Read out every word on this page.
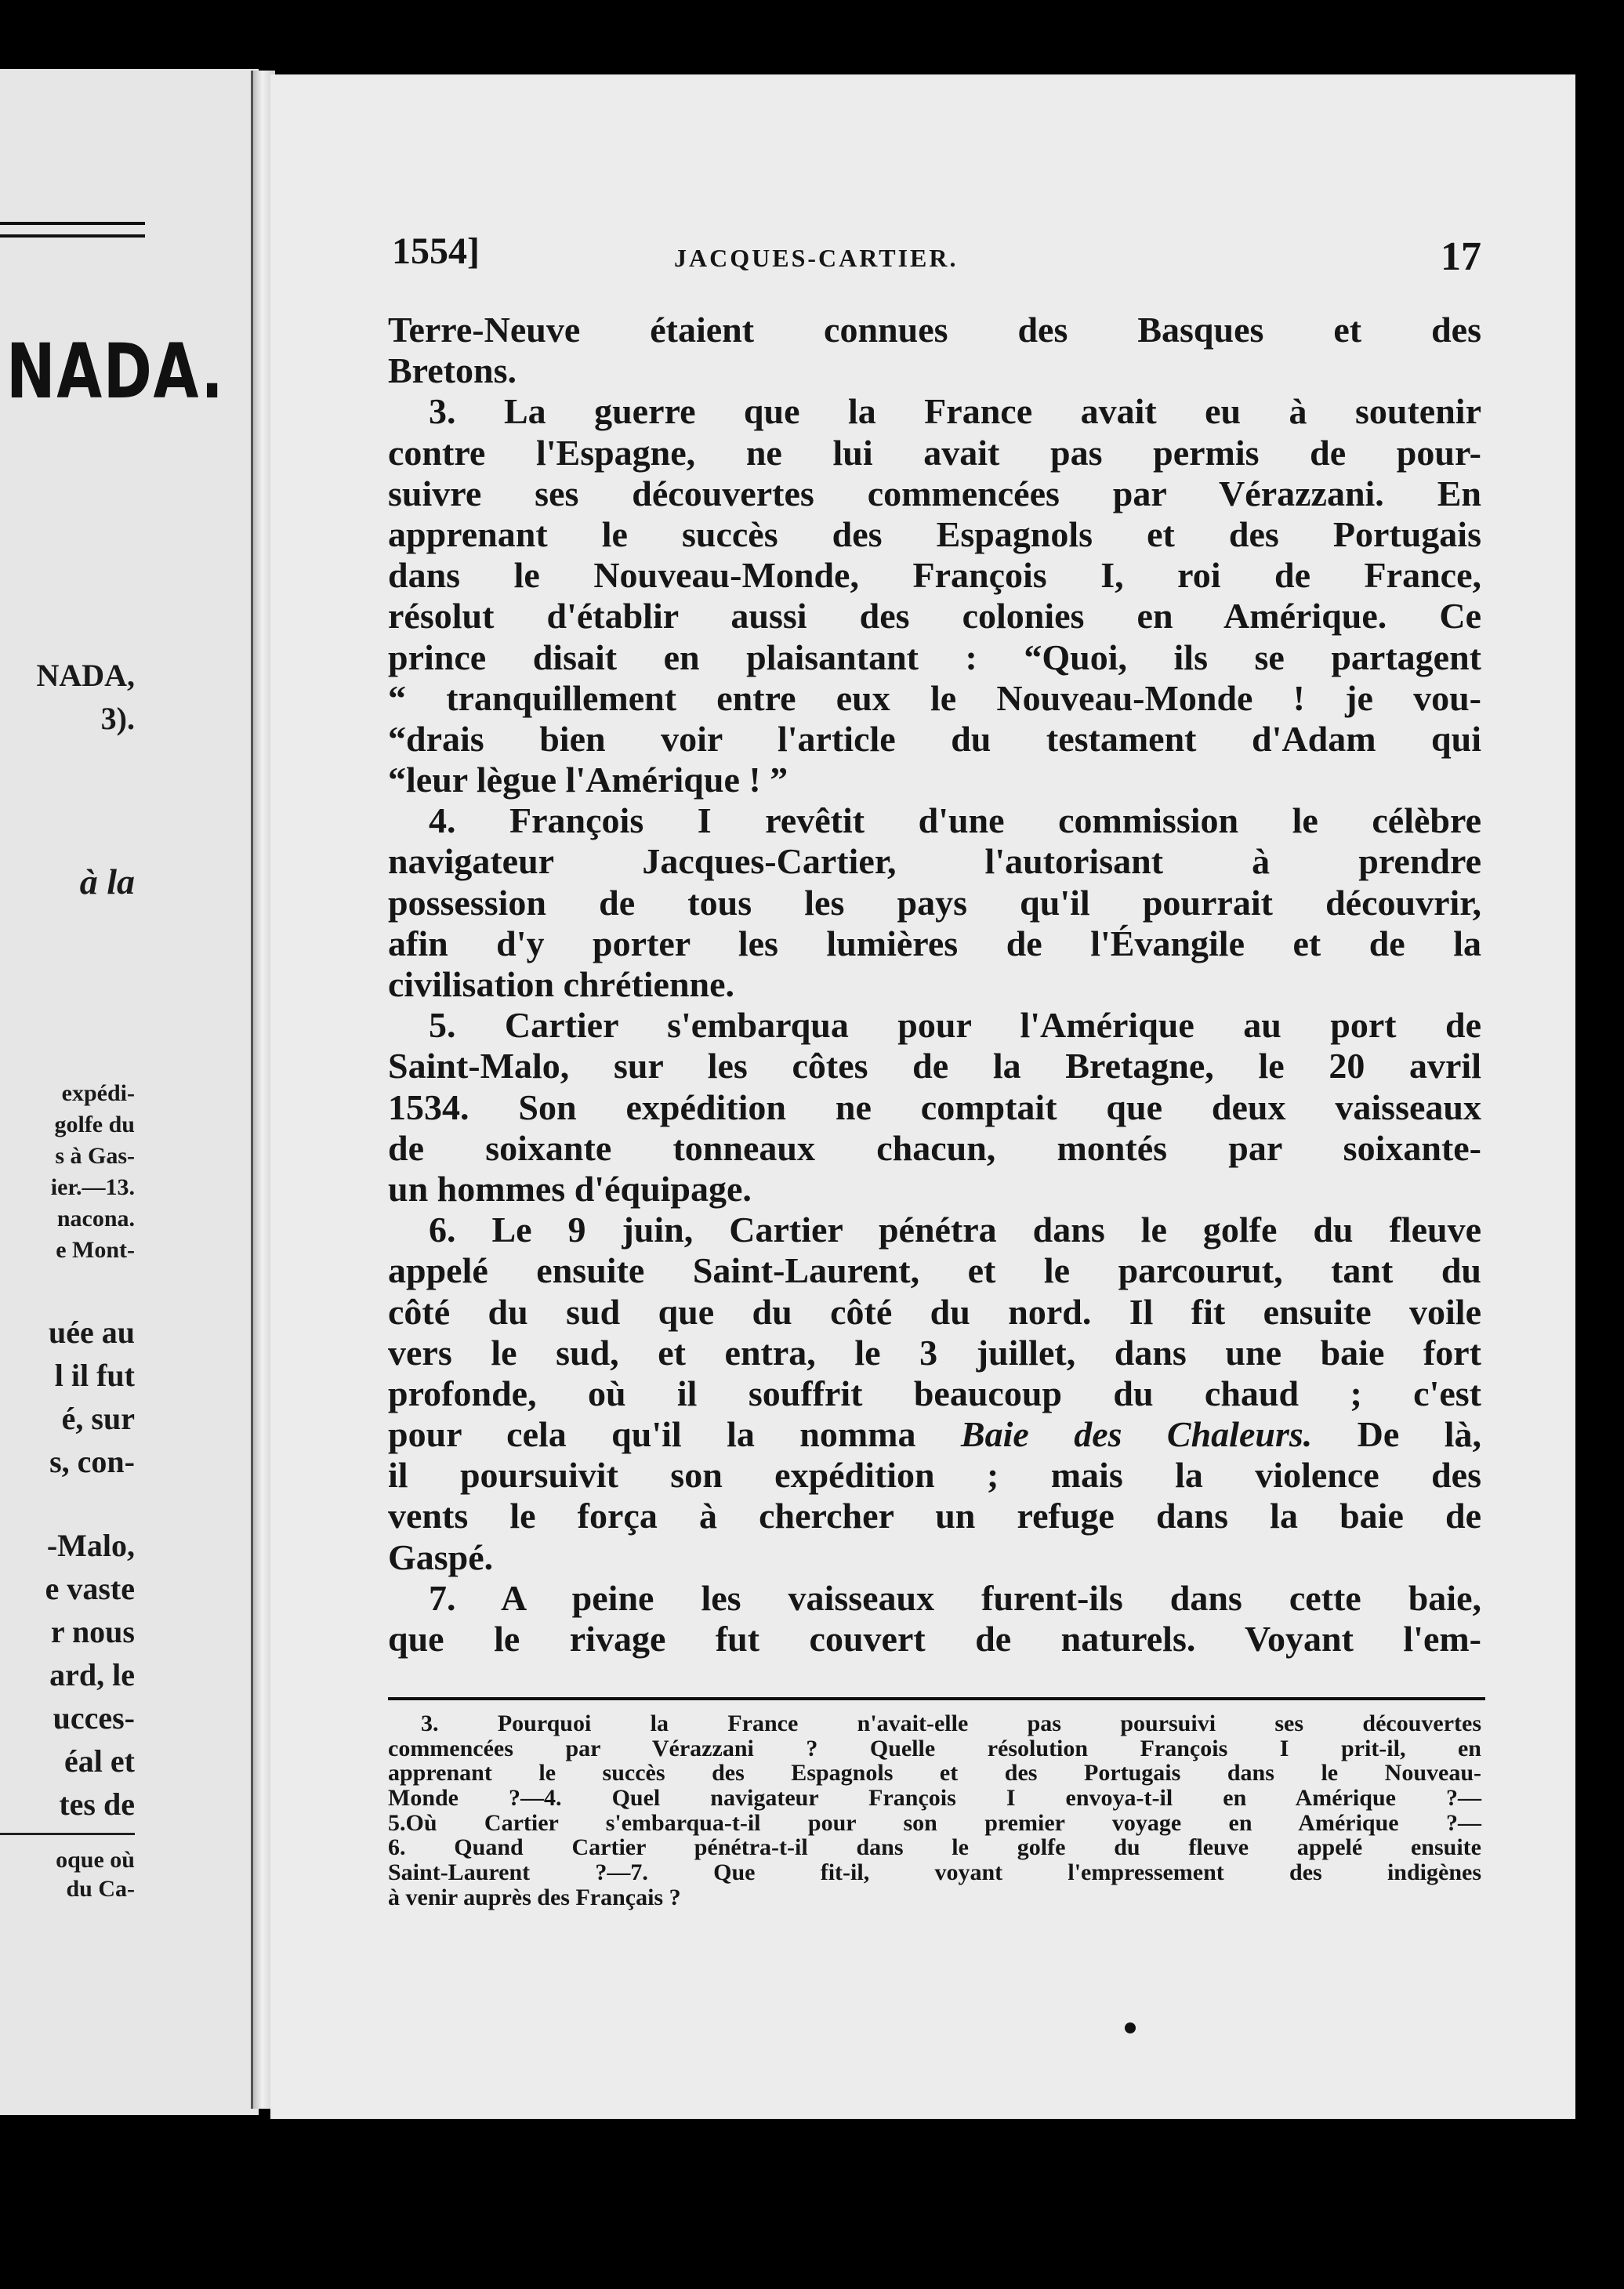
NADA.
NADA,
3).
à la
expédi-
golfe du
s à Gas-
ier.—13.
nacona.
e Mont-
uée au
l il fut
é, sur
s, con-
-Malo,
e vaste
r nous
ard, le
ucces-
éal et
tes de
oque où
du Ca-
1554]	JACQUES-CARTIER.	17
Terre-Neuve étaient connues des Basques et des
Bretons.
3. La guerre que la France avait eu à soutenir
contre l'Espagne, ne lui avait pas permis de pour-
suivre ses découvertes commencées par Vérazzani. En
apprenant le succès des Espagnols et des Portugais
dans le Nouveau-Monde, François I, roi de France,
résolut d'établir aussi des colonies en Amérique. Ce
prince disait en plaisantant : “Quoi, ils se partagent
“ tranquillement entre eux le Nouveau-Monde ! je vou-
“drais bien voir l'article du testament d'Adam qui
“leur lègue l'Amérique ! ”
4. François I revêtit d'une commission le célèbre
navigateur Jacques-Cartier, l'autorisant à prendre
possession de tous les pays qu'il pourrait découvrir,
afin d'y porter les lumières de l'Évangile et de la
civilisation chrétienne.
5. Cartier s'embarqua pour l'Amérique au port de
Saint-Malo, sur les côtes de la Bretagne, le 20 avril
1534. Son expédition ne comptait que deux vaisseaux
de soixante tonneaux chacun, montés par soixante-
un hommes d'équipage.
6. Le 9 juin, Cartier pénétra dans le golfe du fleuve
appelé ensuite Saint-Laurent, et le parcourut, tant du
côté du sud que du côté du nord. Il fit ensuite voile
vers le sud, et entra, le 3 juillet, dans une baie fort
profonde, où il souffrit beaucoup du chaud ; c'est
pour cela qu'il la nomma Baie des Chaleurs. De là,
il poursuivit son expédition ; mais la violence des
vents le força à chercher un refuge dans la baie de
Gaspé.
7. A peine les vaisseaux furent-ils dans cette baie,
que le rivage fut couvert de naturels. Voyant l'em-
3. Pourquoi la France n'avait-elle pas poursuivi ses découvertes
commencées par Vérazzani ? Quelle résolution François I prit-il, en
apprenant le succès des Espagnols et des Portugais dans le Nouveau-
Monde ?—4. Quel navigateur François I envoya-t-il en Amérique ?—
5.Où Cartier s'embarqua-t-il pour son premier voyage en Amérique ?—
6. Quand Cartier pénétra-t-il dans le golfe du fleuve appelé ensuite
Saint-Laurent ?—7. Que fit-il, voyant l'empressement des indigènes
à venir auprès des Français ?
